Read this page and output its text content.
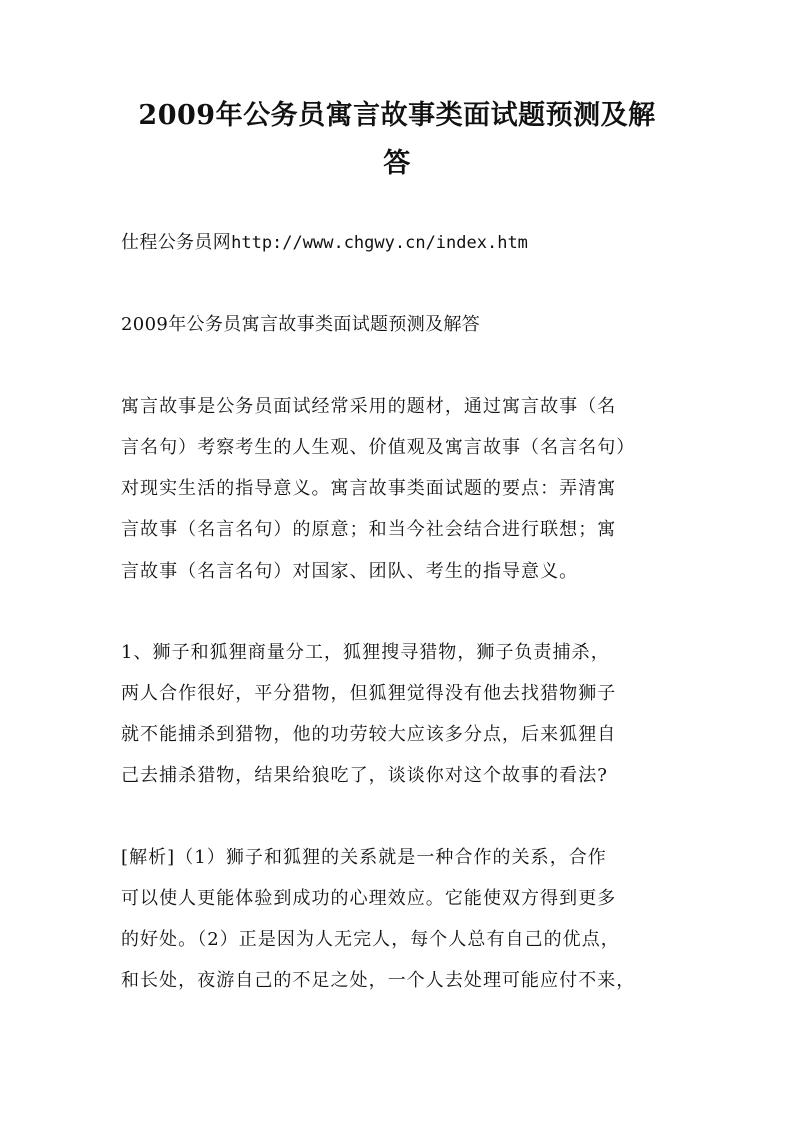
2009年公务员寓言故事类面试题预测及解
答
仕程公务员网http://www.chgwy.cn/index.htm
2009年公务员寓言故事类面试题预测及解答
寓言故事是公务员面试经常采用的题材，通过寓言故事（名
言名句）考察考生的人生观、价值观及寓言故事（名言名句）
对现实生活的指导意义。寓言故事类面试题的要点：弄清寓
言故事（名言名句）的原意；和当今社会结合进行联想；寓
言故事（名言名句）对国家、团队、考生的指导意义。
1、狮子和狐狸商量分工，狐狸搜寻猎物，狮子负责捕杀，
两人合作很好，平分猎物，但狐狸觉得没有他去找猎物狮子
就不能捕杀到猎物，他的功劳较大应该多分点，后来狐狸自
己去捕杀猎物，结果给狼吃了，谈谈你对这个故事的看法?
[解析]（1）狮子和狐狸的关系就是一种合作的关系，合作
可以使人更能体验到成功的心理效应。它能使双方得到更多
的好处。（2）正是因为人无完人，每个人总有自己的优点，
和长处，夜游自己的不足之处，一个人去处理可能应付不来，
